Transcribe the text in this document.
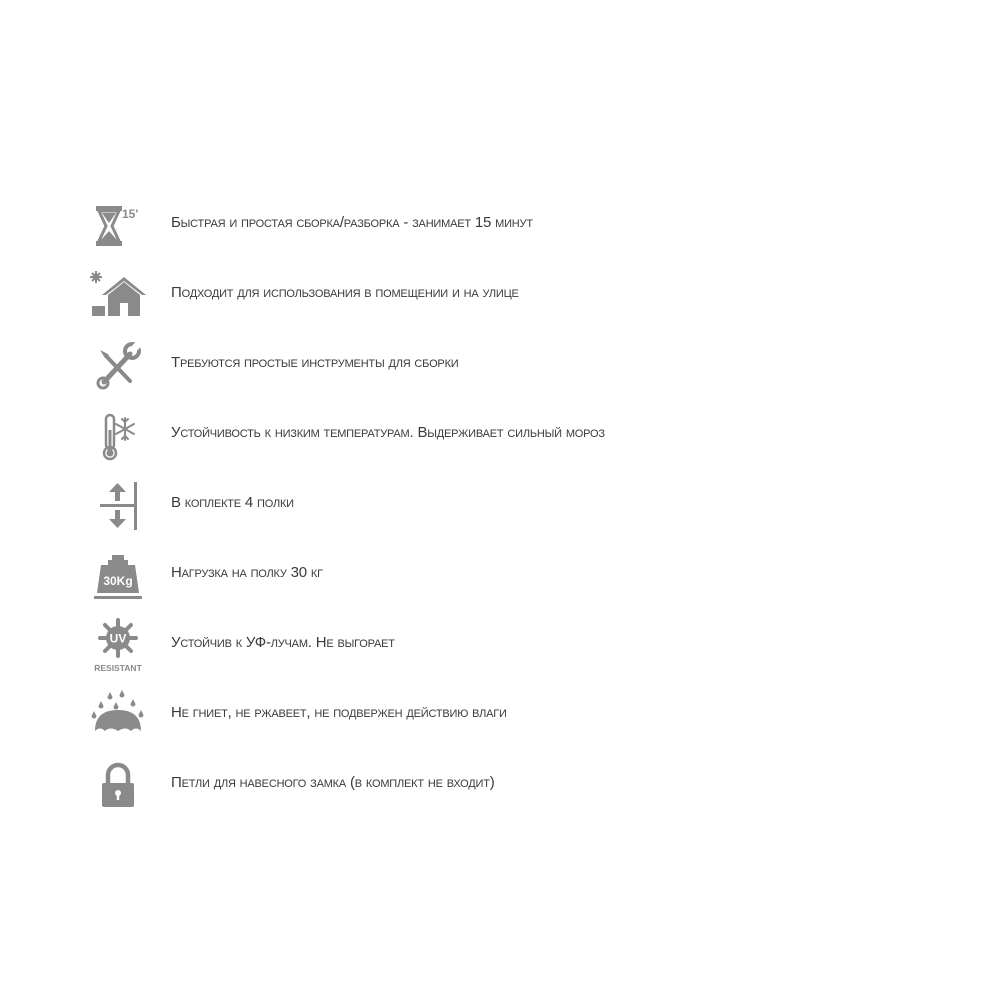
15' Быстрая и простая сборка/разборка - занимает 15 минут
Подходит для использования в помещении и на улице
Требуются простые инструменты для сборки
Устойчивость к низким температурам. Выдерживает сильный мороз
В коплекте 4 полки
30Kg	Нагрузка на полку 30 кг
UV
RESISTANT
Устойчив к УФ-лучам. Не выгорает
Не гниет, не ржавеет, не подвержен действию влаги
Петли для навесного замка (в комплект не входит)
